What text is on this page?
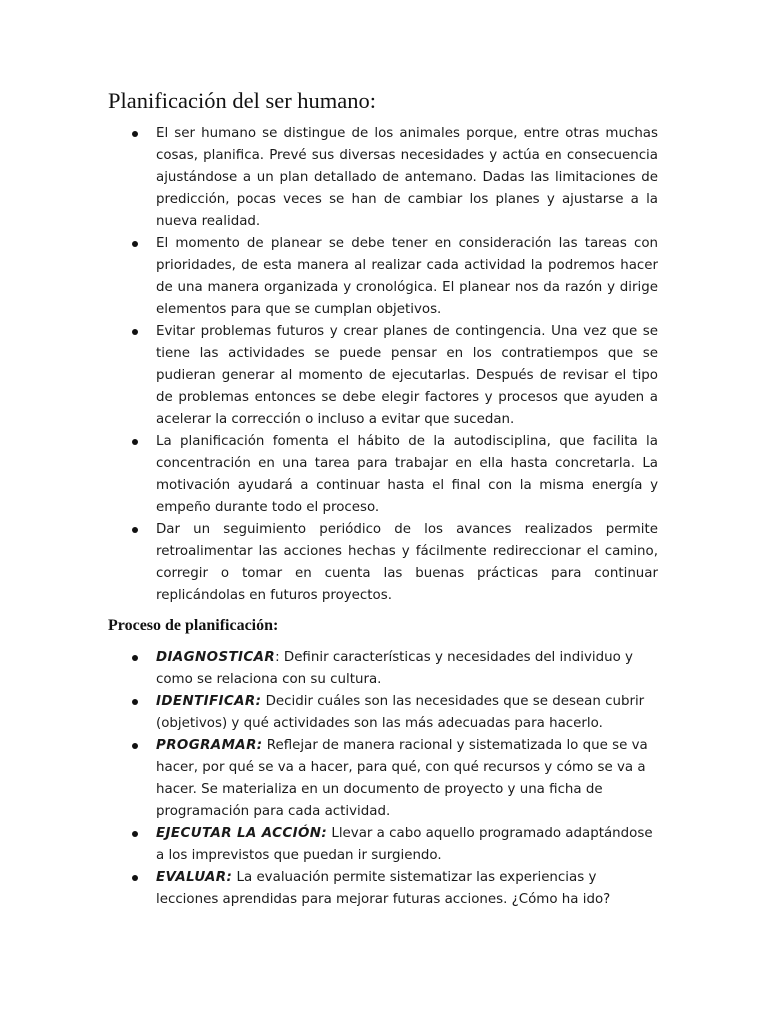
Planificación del ser humano:
El ser humano se distingue de los animales porque, entre otras muchas cosas, planifica. Prevé sus diversas necesidades y actúa en consecuencia ajustándose a un plan detallado de antemano. Dadas las limitaciones de predicción, pocas veces se han de cambiar los planes y ajustarse a la nueva realidad.
El momento de planear se debe tener en consideración las tareas con prioridades, de esta manera al realizar cada actividad la podremos hacer de una manera organizada y cronológica. El planear nos da razón y dirige elementos para que se cumplan objetivos.
Evitar problemas futuros y crear planes de contingencia. Una vez que se tiene las actividades se puede pensar en los contratiempos que se pudieran generar al momento de ejecutarlas. Después de revisar el tipo de problemas entonces se debe elegir factores y procesos que ayuden a acelerar la corrección o incluso a evitar que sucedan.
La planificación fomenta el hábito de la autodisciplina, que facilita la concentración en una tarea para trabajar en ella hasta concretarla. La motivación ayudará a continuar hasta el final con la misma energía y empeño durante todo el proceso.
Dar un seguimiento periódico de los avances realizados permite retroalimentar las acciones hechas y fácilmente redireccionar el camino, corregir o tomar en cuenta las buenas prácticas para continuar replicándolas en futuros proyectos.
Proceso de planificación:
DIAGNOSTICAR: Definir características y necesidades del individuo y como se relaciona con su cultura.
IDENTIFICAR: Decidir cuáles son las necesidades que se desean cubrir (objetivos) y qué actividades son las más adecuadas para hacerlo.
PROGRAMAR: Reflejar de manera racional y sistematizada lo que se va hacer, por qué se va a hacer, para qué, con qué recursos y cómo se va a hacer. Se materializa en un documento de proyecto y una ficha de programación para cada actividad.
EJECUTAR LA ACCIÓN: Llevar a cabo aquello programado adaptándose a los imprevistos que puedan ir surgiendo.
EVALUAR: La evaluación permite sistematizar las experiencias y lecciones aprendidas para mejorar futuras acciones. ¿Cómo ha ido?
